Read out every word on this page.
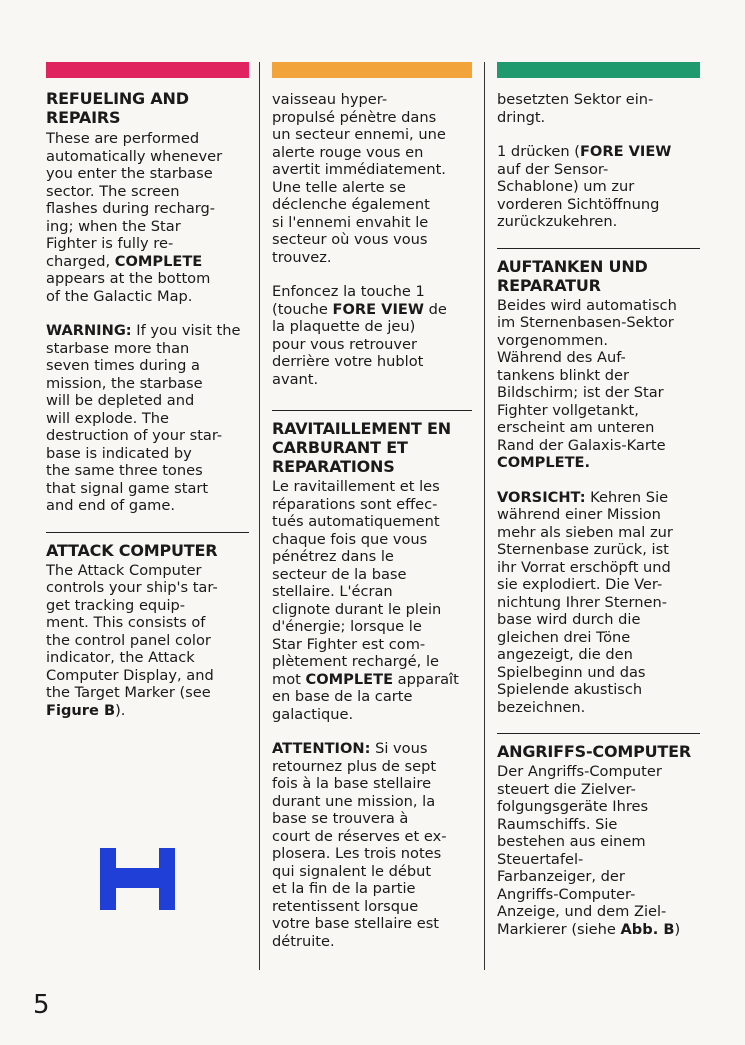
REFUELING AND
REPAIRS
These are performed
automatically whenever
you enter the starbase
sector. The screen
flashes during recharg-
ing; when the Star
Fighter is fully re-
charged, COMPLETE
appears at the bottom
of the Galactic Map.
WARNING: If you visit the
starbase more than
seven times during a
mission, the starbase
will be depleted and
will explode. The
destruction of your star-
base is indicated by
the same three tones
that signal game start
and end of game.
ATTACK COMPUTER
The Attack Computer
controls your ship's tar-
get tracking equip-
ment. This consists of
the control panel color
indicator, the Attack
Computer Display, and
the Target Marker (see
Figure B).
vaisseau hyper-
propulsé pénètre dans
un secteur ennemi, une
alerte rouge vous en
avertit immédiatement.
Une telle alerte se
déclenche également
si l'ennemi envahit le
secteur où vous vous
trouvez.
Enfoncez la touche 1
(touche FORE VIEW de
la plaquette de jeu)
pour vous retrouver
derrière votre hublot
avant.
RAVITAILLEMENT EN
CARBURANT ET
REPARATIONS
Le ravitaillement et les
réparations sont effec-
tués automatiquement
chaque fois que vous
pénétrez dans le
secteur de la base
stellaire. L'écran
clignote durant le plein
d'énergie; lorsque le
Star Fighter est com-
plètement rechargé, le
mot COMPLETE apparaît
en base de la carte
galactique.
ATTENTION: Si vous
retournez plus de sept
fois à la base stellaire
durant une mission, la
base se trouvera à
court de réserves et ex-
plosera. Les trois notes
qui signalent le début
et la fin de la partie
retentissent lorsque
votre base stellaire est
détruite.
besetzten Sektor ein-
dringt.
1 drücken (FORE VIEW
auf der Sensor-
Schablone) um zur
vorderen Sichtöffnung
zurückzukehren.
AUFTANKEN UND
REPARATUR
Beides wird automatisch
im Sternenbasen-Sektor
vorgenommen.
Während des Auf-
tankens blinkt der
Bildschirm; ist der Star
Fighter vollgetankt,
erscheint am unteren
Rand der Galaxis-Karte
COMPLETE.
VORSICHT: Kehren Sie
während einer Mission
mehr als sieben mal zur
Sternenbase zurück, ist
ihr Vorrat erschöpft und
sie explodiert. Die Ver-
nichtung Ihrer Sternen-
base wird durch die
gleichen drei Töne
angezeigt, die den
Spielbeginn und das
Spielende akustisch
bezeichnen.
ANGRIFFS-COMPUTER
Der Angriffs-Computer
steuert die Zielver-
folgungsgeräte Ihres
Raumschiffs. Sie
bestehen aus einem
Steuertafel-
Farbanzeiger, der
Angriffs-Computer-
Anzeige, und dem Ziel-
Markierer (siehe Abb. B)
5
